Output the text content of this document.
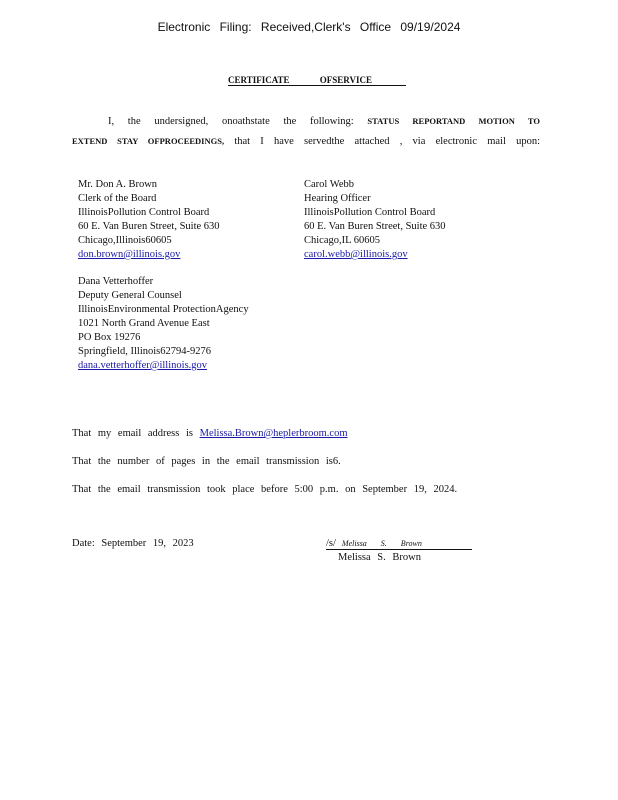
Electronic Filing: Received,Clerk's Office 09/19/2024
CERTIFICATE OFSERVICE
I, the undersigned, onoathstate the following: STATUS REPORTAND MOTION TO
EXTEND STAY OFPROCEEDINGS, that I have servedthe attached , via electronic mail upon:
Mr. Don A. Brown
Clerk of the Board
IllinoisPollution Control Board
60 E. Van Buren Street, Suite 630
Chicago,Illinois60605
don.brown@illinois.gov
Carol Webb
Hearing Officer
IllinoisPollution Control Board
60 E. Van Buren Street, Suite 630
Chicago,IL 60605
carol.webb@illinois.gov
Dana Vetterhoffer
Deputy General Counsel
IllinoisEnvironmental ProtectionAgency
1021 North Grand Avenue East
PO Box 19276
Springfield, Illinois62794-9276
dana.vetterhoffer@illinois.gov
That my email address is Melissa.Brown@heplerbroom.com
That the number of pages in the email transmission is6.
That the email transmission took place before 5:00 p.m. on September 19, 2024.
Date: September 19, 2023	/s/ Melissa S. Brown
Melissa S. Brown
